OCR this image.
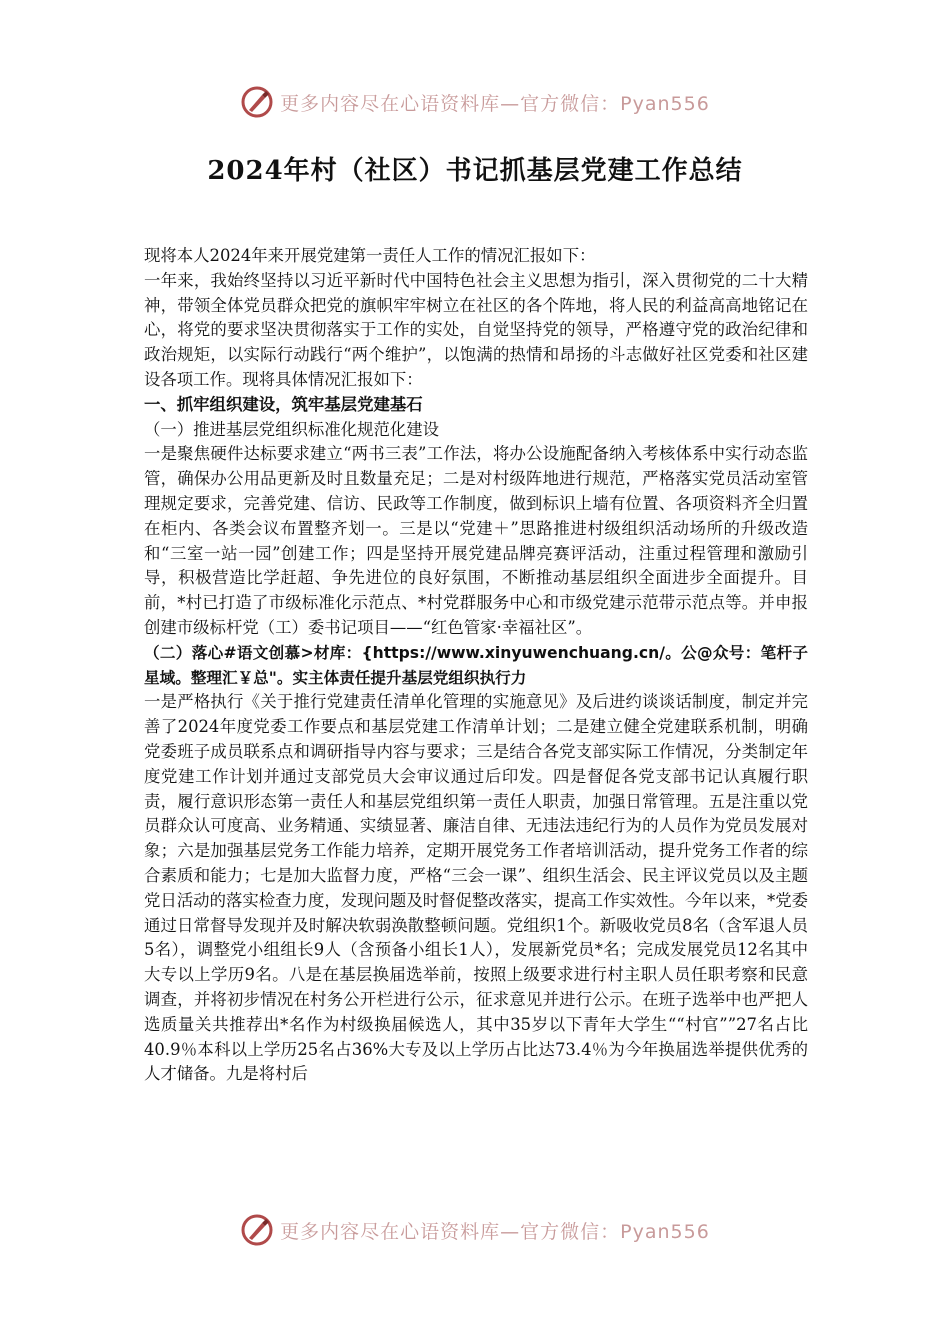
更多内容尽在心语资料库—官方微信：Pyan556
2024年村（社区）书记抓基层党建工作总结

现将本人2024年来开展党建第一责任人工作的情况汇报如下：

一年来，我始终坚持以习近平新时代中国特色社会主义思想为指引，深入贯彻党的二十大精神，带领全体党员群众把党的旗帜牢牢树立在社区的各个阵地，将人民的利益高高地铭记在心，将党的要求坚决贯彻落实于工作的实处，自觉坚持党的领导，严格遵守党的政治纪律和政治规矩，以实际行动践行“两个维护”，以饱满的热情和昂扬的斗志做好社区党委和社区建设各项工作。现将具体情况汇报如下：

一、抓牢组织建设，筑牢基层党建基石

（一）推进基层党组织标准化规范化建设

一是聚焦硬件达标要求建立“两书三表”工作法，将办公设施配备纳入考核体系中实行动态监管，确保办公用品更新及时且数量充足；二是对村级阵地进行规范，严格落实党员活动室管理规定要求，完善党建、信访、民政等工作制度，做到标识上墙有位置、各项资料齐全归置在柜内、各类会议布置整齐划一。三是以“党建＋”思路推进村级组织活动场所的升级改造和“三室一站一园”创建工作；四是坚持开展党建品牌亮赛评活动，注重过程管理和激励引导，积极营造比学赶超、争先进位的良好氛围，不断推动基层组织全面进步全面提升。目前，*村已打造了市级标准化示范点、*村党群服务中心和市级党建示范带示范点等。并申报创建市级标杆党（工）委书记项目——“红色管家·幸福社区”。

（二）落心#语文创慕>材库：{https://www.xinyuwenchuang.cn/。公@众号：笔杆子星域。整理汇￥总"。实主体责任提升基层党组织执行力

一是严格执行《关于推行党建责任清单化管理的实施意见》及后进约谈谈话制度，制定并完善了2024年度党委工作要点和基层党建工作清单计划；二是建立健全党建联系机制，明确党委班子成员联系点和调研指导内容与要求；三是结合各党支部实际工作情况，分类制定年度党建工作计划并通过支部党员大会审议通过后印发。四是督促各党支部书记认真履行职责，履行意识形态第一责任人和基层党组织第一责任人职责，加强日常管理。五是注重以党员群众认可度高、业务精通、实绩显著、廉洁自律、无违法违纪行为的人员作为党员发展对象；六是加强基层党务工作能力培养，定期开展党务工作者培训活动，提升党务工作者的综合素质和能力；七是加大监督力度，严格“三会一课”、组织生活会、民主评议党员以及主题党日活动的落实检查力度，发现问题及时督促整改落实，提高工作实效性。今年以来，*党委通过日常督导发现并及时解决软弱涣散整顿问题。党组织1个。新吸收党员8名（含军退人员5名），调整党小组组长9人（含预备小组长1人），发展新党员*名；完成发展党员12名其中大专以上学历9名。八是在基层换届选举前，按照上级要求进行村主职人员任职考察和民意调查，并将初步情况在村务公开栏进行公示，征求意见并进行公示。在班子选举中也严把人选质量关共推荐出*名作为村级换届候选人，其中35岁以下青年大学生““村官””27名占比40.9％本科以上学历25名占36%大专及以上学历占比达73.4％为今年换届选举提供优秀的人才储备。九是将村后

更多内容尽在心语资料库—官方微信：Pyan556
